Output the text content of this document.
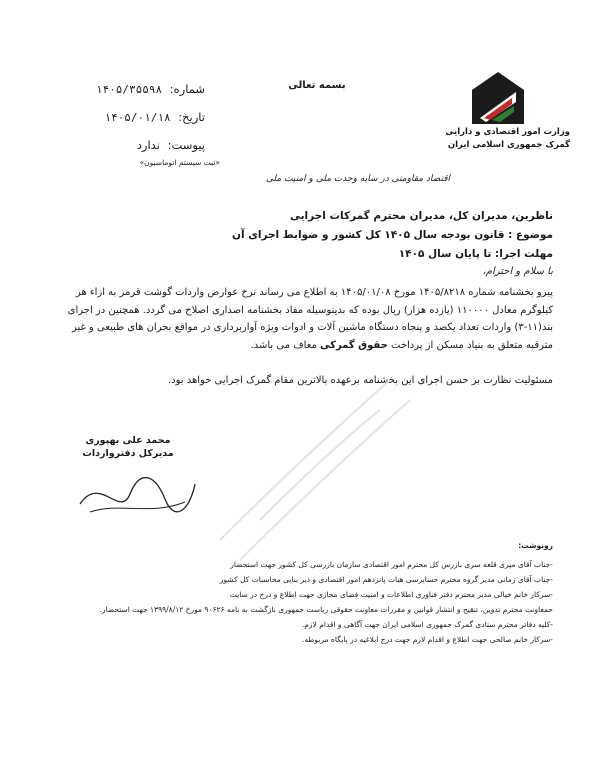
بسمه تعالی
وزارت امور اقتصادی و دارایی
گمرک جمهوری اسلامی ایران
شماره: ۱۴۰۵/۳۵۵۹۸
تاریخ: ۱۴۰۵/۰۱/۱۸
پیوست: ندارد
«ثبت سیستم اتوماسیون»
اقتصاد مقاومتی در سایه وحدت ملی و امنیت ملی
ناظرین، مدیران کل، مدیران محترم گمرکات اجرایی
موضوع : قانون بودجه سال ۱۴۰۵ کل کشور و ضوابط اجرای آن
مهلت اجرا: تا پایان سال ۱۴۰۵
با سلام و احترام،
پیرو بخشنامه شماره ۱۴۰۵/۸۲۱۸ مورخ ۱۴۰۵/۰۱/۰۸ به اطلاع می رساند نرخ عوارض واردات گوشت قرمز به ازاء هر کیلوگرم معادل ۱۱۰۰۰۰ (یازده هزار) ریال بوده که بدینوسیله مفاد بخشنامه اصداری اصلاح می گردد. همچنین در اجرای بند(۱۱-۳) واردات تعداد یکصد و پنجاه دستگاه ماشین آلات و ادوات ویژه آواربرداری در مواقع بحران های طبیعی و غیر مترقبه متعلق به بنیاد مسکن از پرداخت حقوق گمرکی معاف می باشد.
مسئولیت نظارت بر حسن اجرای این بخشنامه برعهده بالاترین مقام گمرک اجرایی خواهد بود.
محمد علی بهپوری
مدیرکل دفترواردات
رونوشت:
-جناب آقای میری قلعه سری بازرس کل محترم امور اقتصادی سازمان بازرسی کل کشور جهت استحضار
-جناب آقای زمانی مدیر گروه محترم حسابرسی هیات پانزدهم امور اقتصادی و ذیر بنایی محاسبات کل کشور
-سرکار خانم خیالی مدیر محترم دفتر فناوری اطلاعات و امنیت فضای مجازی جهت اطلاع و درج در سایت
حمعاونت محترم تدوین، تنقیح و انتشار قوانین و مقررات معاونت حقوقی ریاست جمهوری بازگشت به نامه ۹۰۶۲۶ مورخ ۱۳۹۹/۸/۱۲ جهت استحضار.
-کلیه دفاتر محترم ستادی گمرک جمهوری اسلامی ایران جهت آگاهی و اقدام لازم.
-سرکار خانم صالحی جهت اطلاع و اقدام لازم جهت درج ابلاغیه در پایگاه مربوطه.
